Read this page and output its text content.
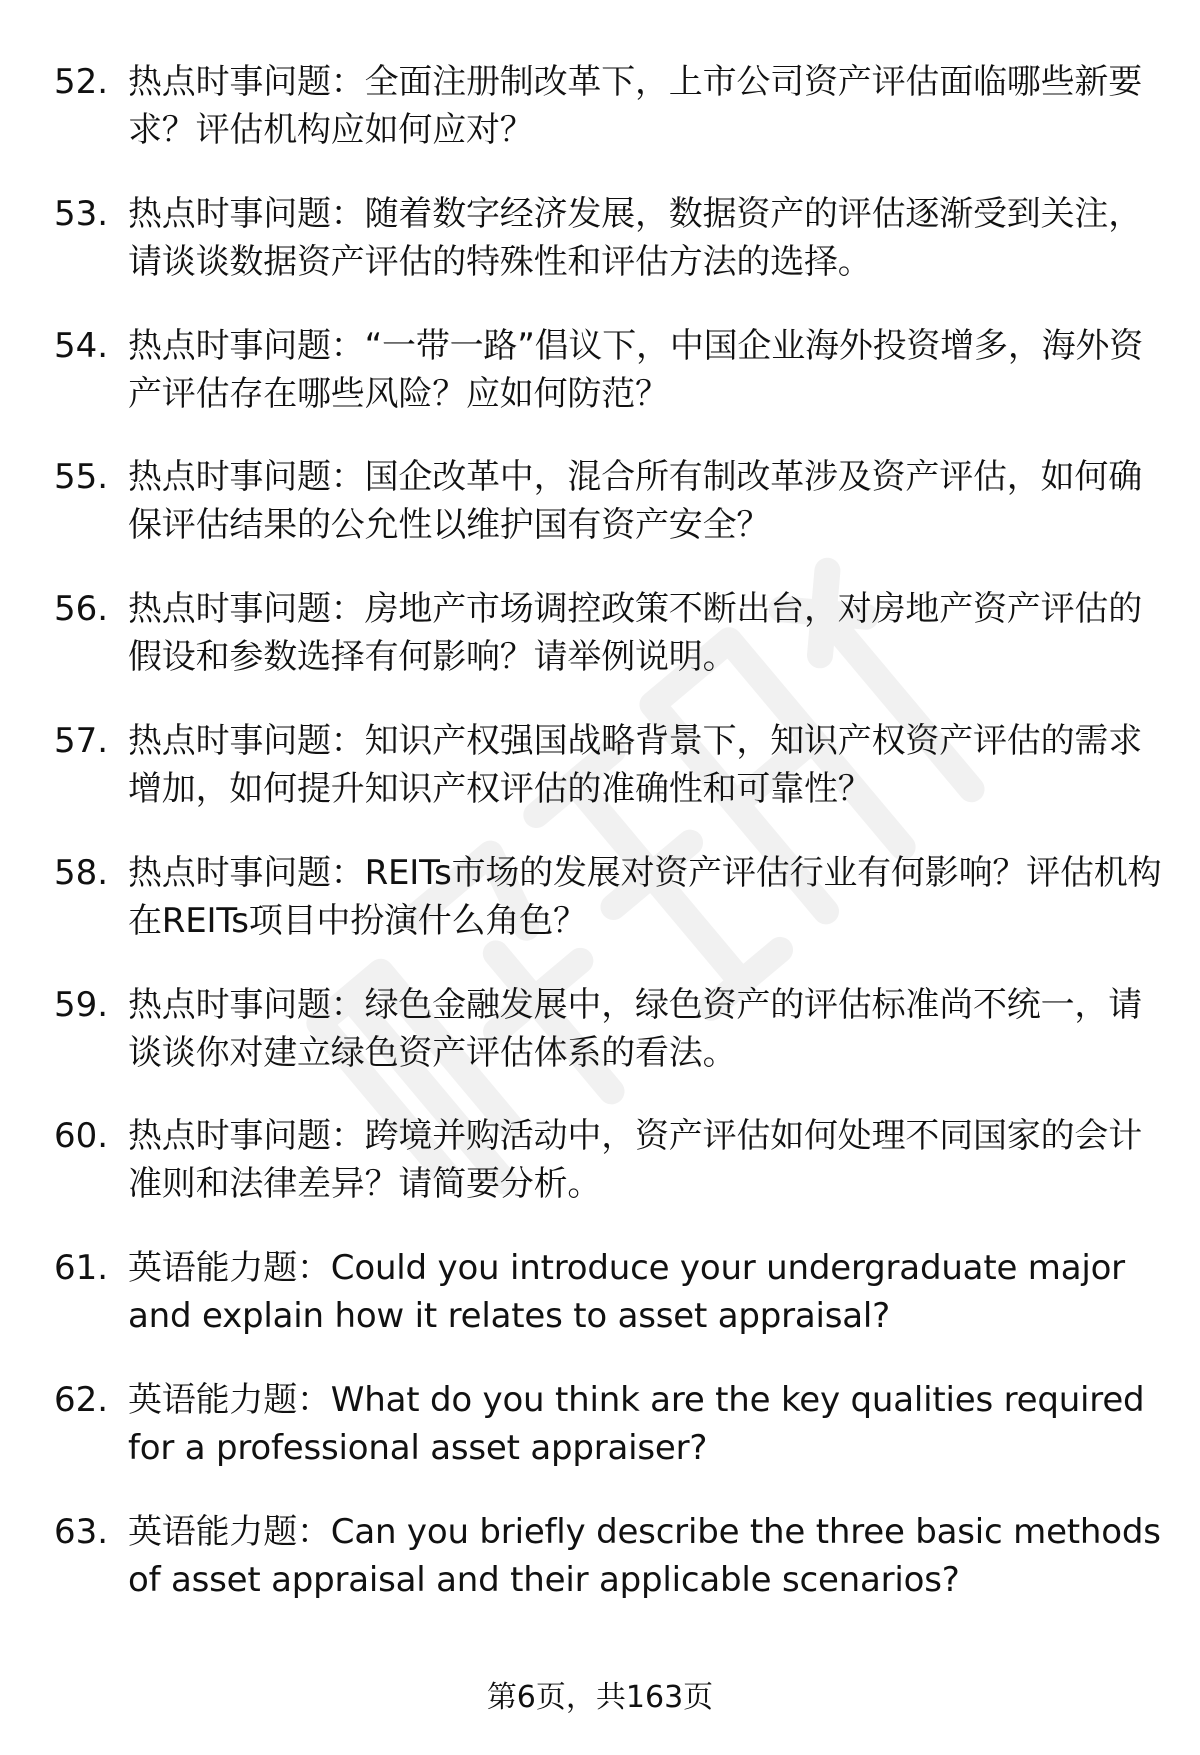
52. 热点时事问题：全面注册制改革下，上市公司资产评估面临哪些新要求？评估机构应如何应对？
53. 热点时事问题：随着数字经济发展，数据资产的评估逐渐受到关注，请谈谈数据资产评估的特殊性和评估方法的选择。
54. 热点时事问题：“一带一路”倡议下，中国企业海外投资增多，海外资产评估存在哪些风险？应如何防范？
55. 热点时事问题：国企改革中，混合所有制改革涉及资产评估，如何确保评估结果的公允性以维护国有资产安全？
56. 热点时事问题：房地产市场调控政策不断出台，对房地产资产评估的假设和参数选择有何影响？请举例说明。
57. 热点时事问题：知识产权强国战略背景下，知识产权资产评估的需求增加，如何提升知识产权评估的准确性和可靠性？
58. 热点时事问题：REITs市场的发展对资产评估行业有何影响？评估机构在REITs项目中扮演什么角色？
59. 热点时事问题：绿色金融发展中，绿色资产的评估标准尚不统一，请谈谈你对建立绿色资产评估体系的看法。
60. 热点时事问题：跨境并购活动中，资产评估如何处理不同国家的会计准则和法律差异？请简要分析。
61. 英语能力题：Could you introduce your undergraduate major and explain how it relates to asset appraisal?
62. 英语能力题：What do you think are the key qualities required for a professional asset appraiser?
63. 英语能力题：Can you briefly describe the three basic methods of asset appraisal and their applicable scenarios?
第6页，共163页
